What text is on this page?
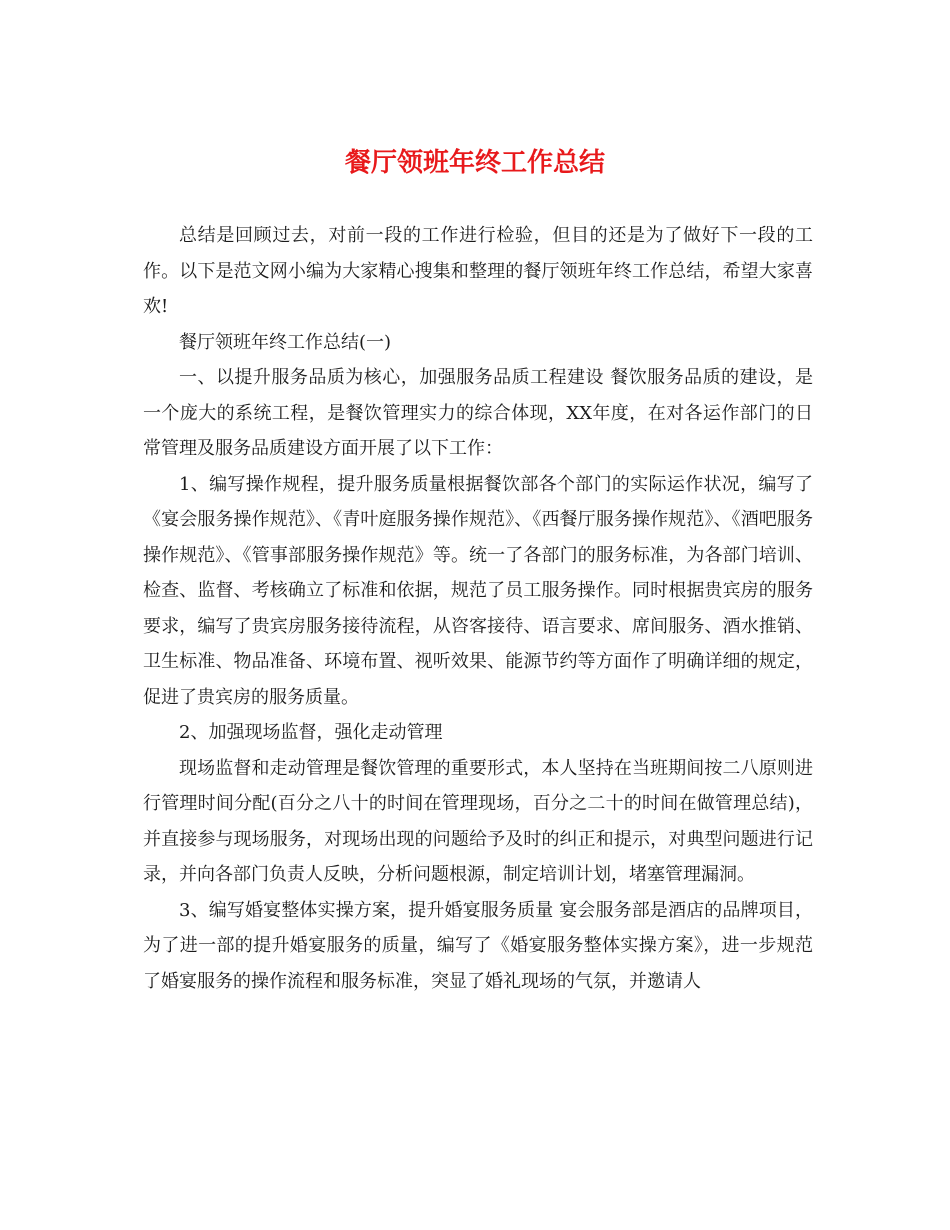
餐厅领班年终工作总结

总结是回顾过去，对前一段的工作进行检验，但目的还是为了做好下一段的工作。以下是范文网小编为大家精心搜集和整理的餐厅领班年终工作总结，希望大家喜欢!

餐厅领班年终工作总结(一)

一、以提升服务品质为核心，加强服务品质工程建设 餐饮服务品质的建设，是一个庞大的系统工程，是餐饮管理实力的综合体现，XX年度，在对各运作部门的日常管理及服务品质建设方面开展了以下工作：

1、编写操作规程，提升服务质量根据餐饮部各个部门的实际运作状况，编写了《宴会服务操作规范》、《青叶庭服务操作规范》、《西餐厅服务操作规范》、《酒吧服务操作规范》、《管事部服务操作规范》等。统一了各部门的服务标准，为各部门培训、检查、监督、考核确立了标准和依据，规范了员工服务操作。同时根据贵宾房的服务要求，编写了贵宾房服务接待流程，从咨客接待、语言要求、席间服务、酒水推销、卫生标准、物品准备、环境布置、视听效果、能源节约等方面作了明确详细的规定，促进了贵宾房的服务质量。

2、加强现场监督，强化走动管理

现场监督和走动管理是餐饮管理的重要形式，本人坚持在当班期间按二八原则进行管理时间分配(百分之八十的时间在管理现场，百分之二十的时间在做管理总结)，并直接参与现场服务，对现场出现的问题给予及时的纠正和提示，对典型问题进行记录，并向各部门负责人反映，分析问题根源，制定培训计划，堵塞管理漏洞。

3、编写婚宴整体实操方案，提升婚宴服务质量 宴会服务部是酒店的品牌项目，为了进一部的提升婚宴服务的质量，编写了《婚宴服务整体实操方案》，进一步规范了婚宴服务的操作流程和服务标准，突显了婚礼现场的气氛，并邀请人
